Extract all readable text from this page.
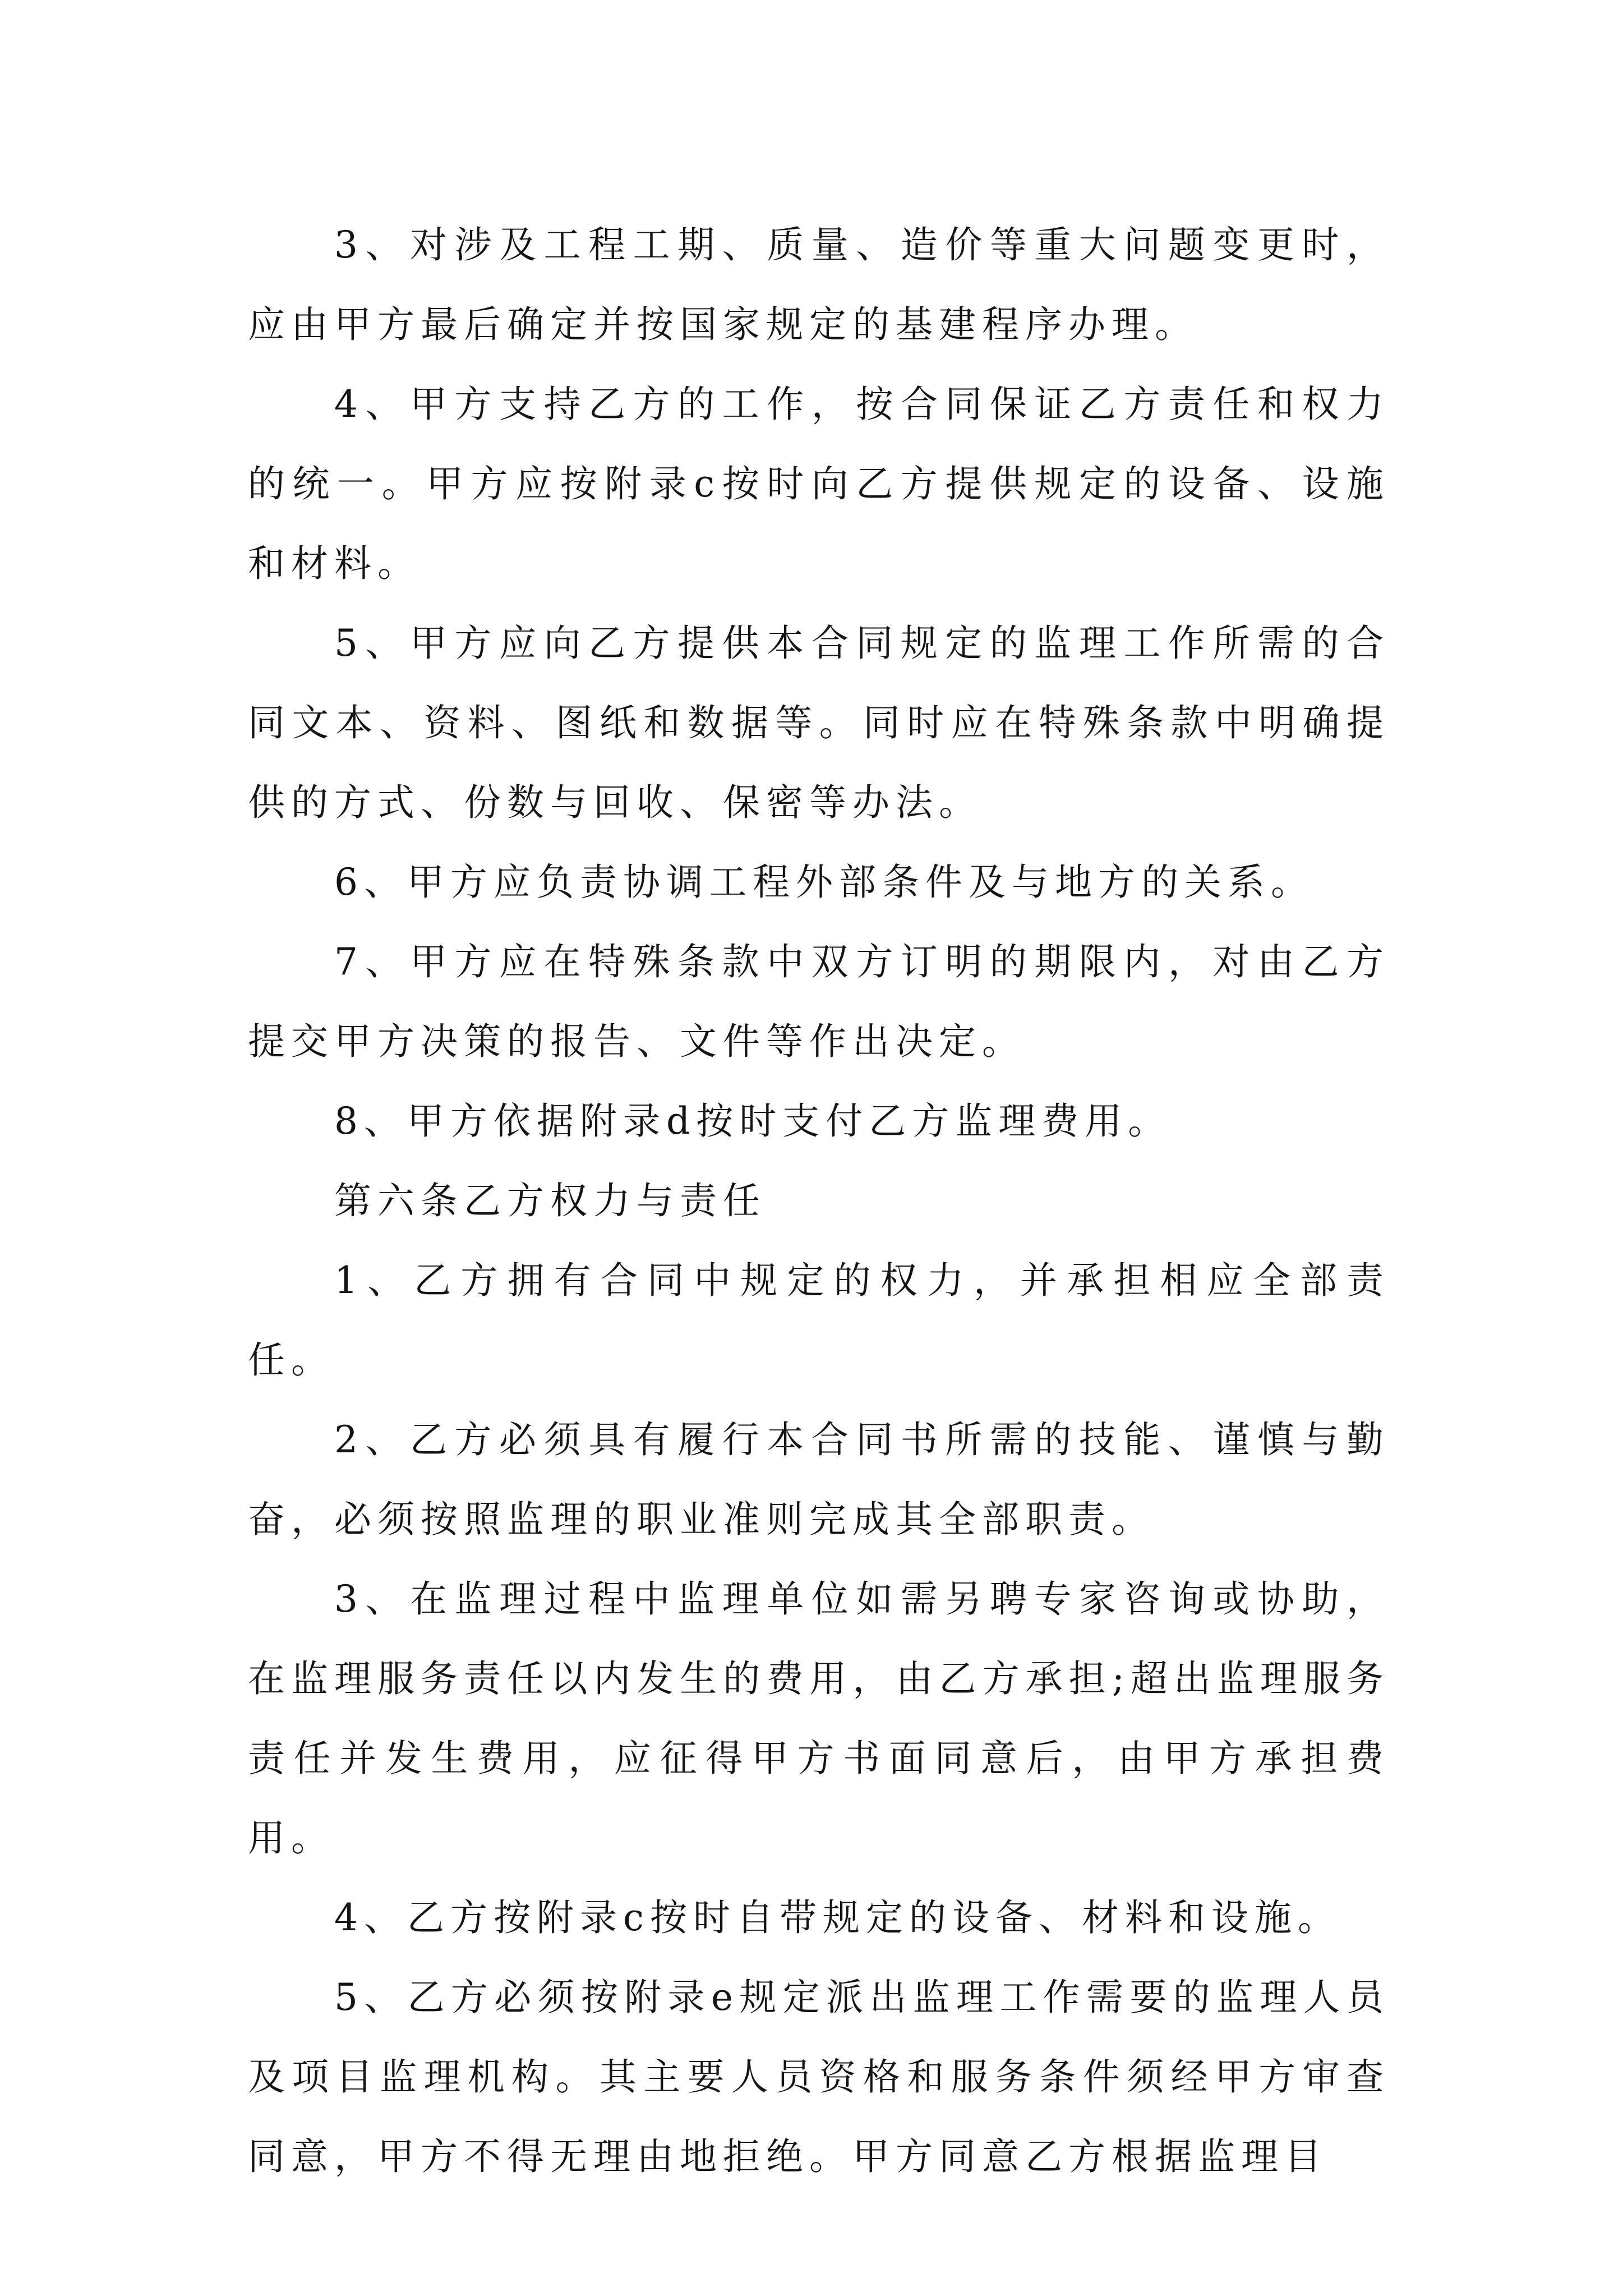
3、对涉及工程工期、质量、造价等重大问题变更时，应由甲方最后确定并按国家规定的基建程序办理。

4、甲方支持乙方的工作，按合同保证乙方责任和权力的统一。甲方应按附录c按时向乙方提供规定的设备、设施和材料。

5、甲方应向乙方提供本合同规定的监理工作所需的合同文本、资料、图纸和数据等。同时应在特殊条款中明确提供的方式、份数与回收、保密等办法。

6、甲方应负责协调工程外部条件及与地方的关系。

7、甲方应在特殊条款中双方订明的期限内，对由乙方提交甲方决策的报告、文件等作出决定。

8、甲方依据附录d按时支付乙方监理费用。

第六条乙方权力与责任

1、乙方拥有合同中规定的权力，并承担相应全部责任。

2、乙方必须具有履行本合同书所需的技能、谨慎与勤奋，必须按照监理的职业准则完成其全部职责。

3、在监理过程中监理单位如需另聘专家咨询或协助，在监理服务责任以内发生的费用，由乙方承担;超出监理服务责任并发生费用，应征得甲方书面同意后，由甲方承担费用。

4、乙方按附录c按时自带规定的设备、材料和设施。

5、乙方必须按附录e规定派出监理工作需要的监理人员及项目监理机构。其主要人员资格和服务条件须经甲方审查同意，甲方不得无理由地拒绝。甲方同意乙方根据监理目
